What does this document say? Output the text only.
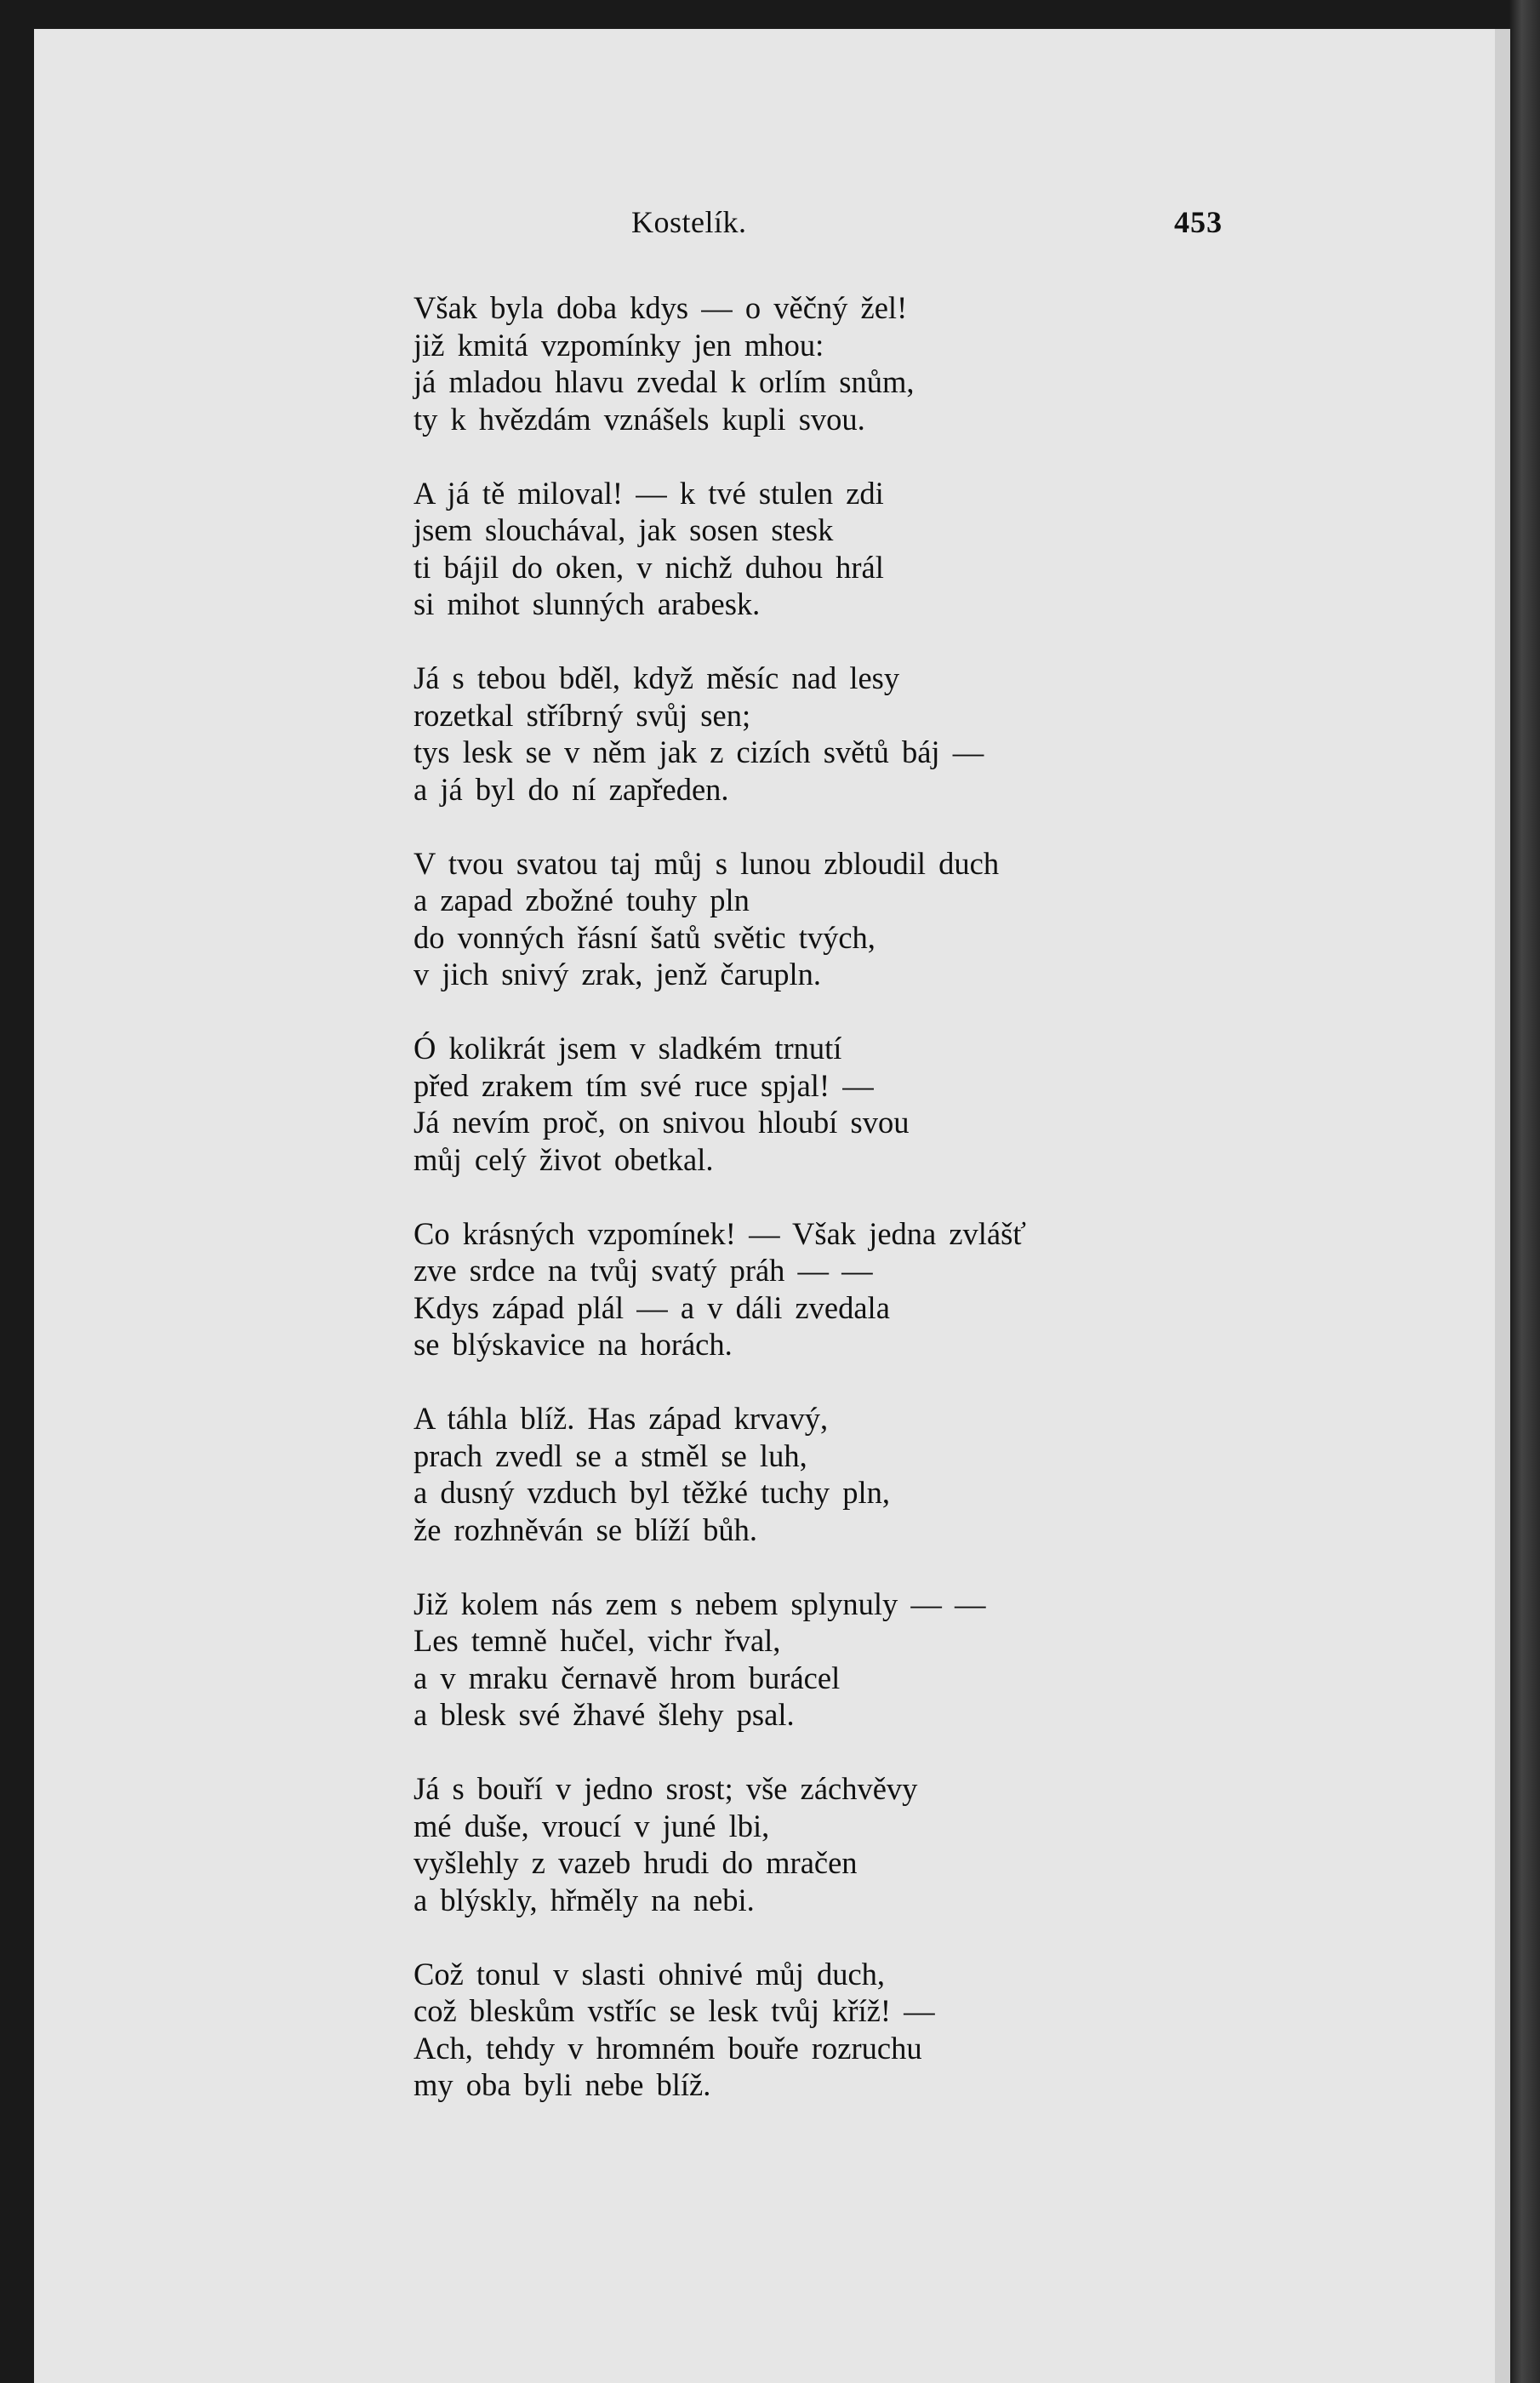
Kostelík.	453
Však byla doba kdys — o věčný žel!
již kmitá vzpomínky jen mhou:
já mladou hlavu zvedal k orlím snům,
ty k hvězdám vznášels kupli svou.
A já tě miloval! — k tvé stulen zdi
jsem slouchával, jak sosen stesk
ti bájil do oken, v nichž duhou hrál
si mihot slunných arabesk.
Já s tebou bděl, když měsíc nad lesy
rozetkal stříbrný svůj sen;
tys lesk se v něm jak z cizích světů báj —
a já byl do ní zapředen.
V tvou svatou taj můj s lunou zbloudil duch
a zapad zbožné touhy pln
do vonných řásní šatů světic tvých,
v jich snivý zrak, jenž čarupln.
Ó kolikrát jsem v sladkém trnutí
před zrakem tím své ruce spjal! —
Já nevím proč, on snivou hloubí svou
můj celý život obetkal.
Co krásných vzpomínek! — Však jedna zvlášť
zve srdce na tvůj svatý práh — —
Kdys západ plál — a v dáli zvedala
se blýskavice na horách.
A táhla blíž. Has západ krvavý,
prach zvedl se a stměl se luh,
a dusný vzduch byl těžké tuchy pln,
že rozhněván se blíží bůh.
Již kolem nás zem s nebem splynuly — —
Les temně hučel, vichr řval,
a v mraku černavě hrom burácel
a blesk své žhavé šlehy psal.
Já s bouří v jedno srost; vše záchvěvy
mé duše, vroucí v juné lbi,
vyšlehly z vazeb hrudi do mračen
a blýskly, hřměly na nebi.
Což tonul v slasti ohnivé můj duch,
což bleskům vstříc se lesk tvůj kříž! —
Ach, tehdy v hromném bouře rozruchu
my oba byli nebe blíž.
